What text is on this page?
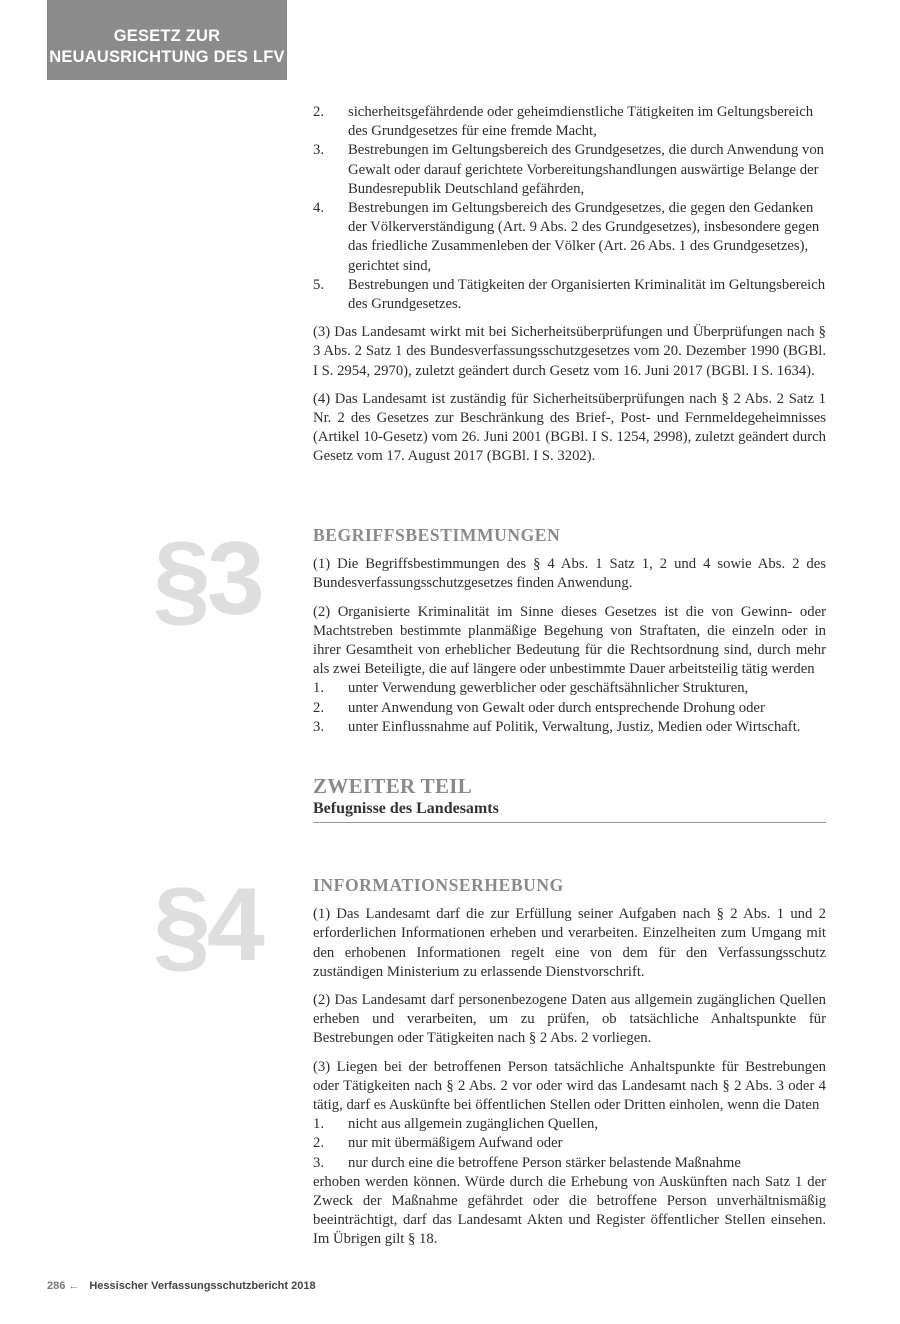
GESETZ ZUR
NEUAUSRICHTUNG DES LFV
2.	sicherheitsgefährdende oder geheimdienstliche Tätigkeiten im Geltungsbereich des Grundgesetzes für eine fremde Macht,
3.	Bestrebungen im Geltungsbereich des Grundgesetzes, die durch Anwendung von Gewalt oder darauf gerichtete Vorbereitungshandlungen auswärtige Belange der Bundesrepublik Deutschland gefährden,
4.	Bestrebungen im Geltungsbereich des Grundgesetzes, die gegen den Gedanken der Völkerverständigung (Art. 9 Abs. 2 des Grundgesetzes), insbesondere gegen das friedliche Zusammenleben der Völker (Art. 26 Abs. 1 des Grundgesetzes), gerichtet sind,
5.	Bestrebungen und Tätigkeiten der Organisierten Kriminalität im Geltungsbereich des Grundgesetzes.

(3) Das Landesamt wirkt mit bei Sicherheitsüberprüfungen und Überprüfungen nach § 3 Abs. 2 Satz 1 des Bundesverfassungsschutzgesetzes vom 20. Dezember 1990 (BGBl. I S. 2954, 2970), zuletzt geändert durch Gesetz vom 16. Juni 2017 (BGBl. I S. 1634).

(4) Das Landesamt ist zuständig für Sicherheitsüberprüfungen nach § 2 Abs. 2 Satz 1 Nr. 2 des Gesetzes zur Beschränkung des Brief-, Post- und Fernmeldegeheimnisses (Artikel 10-Gesetz) vom 26. Juni 2001 (BGBl. I S. 1254, 2998), zuletzt geändert durch Gesetz vom 17. August 2017 (BGBl. I S. 3202).

§3	BEGRIFFSBESTIMMUNGEN

(1) Die Begriffsbestimmungen des § 4 Abs. 1 Satz 1, 2 und 4 sowie Abs. 2 des Bundesverfassungsschutzgesetzes finden Anwendung.

(2) Organisierte Kriminalität im Sinne dieses Gesetzes ist die von Gewinn- oder Machtstreben bestimmte planmäßige Begehung von Straftaten, die einzeln oder in ihrer Gesamtheit von erheblicher Bedeutung für die Rechtsordnung sind, durch mehr als zwei Beteiligte, die auf längere oder unbestimmte Dauer arbeitsteilig tätig werden

1.	unter Verwendung gewerblicher oder geschäftsähnlicher Strukturen,
2.	unter Anwendung von Gewalt oder durch entsprechende Drohung oder
3.	unter Einflussnahme auf Politik, Verwaltung, Justiz, Medien oder Wirtschaft.
ZWEITER TEIL
Befugnisse des Landesamts
§4	INFORMATIONSERHEBUNG

(1) Das Landesamt darf die zur Erfüllung seiner Aufgaben nach § 2 Abs. 1 und 2 erforderlichen Informationen erheben und verarbeiten. Einzelheiten zum Umgang mit den erhobenen Informationen regelt eine von dem für den Verfassungsschutz zuständigen Ministerium zu erlassende Dienstvorschrift.

(2) Das Landesamt darf personenbezogene Daten aus allgemein zugänglichen Quellen erheben und verarbeiten, um zu prüfen, ob tatsächliche Anhaltspunkte für Bestrebungen oder Tätigkeiten nach § 2 Abs. 2 vorliegen.

(3) Liegen bei der betroffenen Person tatsächliche Anhaltspunkte für Bestrebungen oder Tätigkeiten nach § 2 Abs. 2 vor oder wird das Landesamt nach § 2 Abs. 3 oder 4 tätig, darf es Auskünfte bei öffentlichen Stellen oder Dritten einholen, wenn die Daten

1.	nicht aus allgemein zugänglichen Quellen,
2.	nur mit übermäßigem Aufwand oder
3.	nur durch eine die betroffene Person stärker belastende Maßnahme

erhoben werden können. Würde durch die Erhebung von Auskünften nach Satz 1 der Zweck der Maßnahme gefährdet oder die betroffene Person unverhältnismäßig beeinträchtigt, darf das Landesamt Akten und Register öffentlicher Stellen einsehen. Im Übrigen gilt § 18.

286 ← Hessischer Verfassungsschutzbericht 2018
